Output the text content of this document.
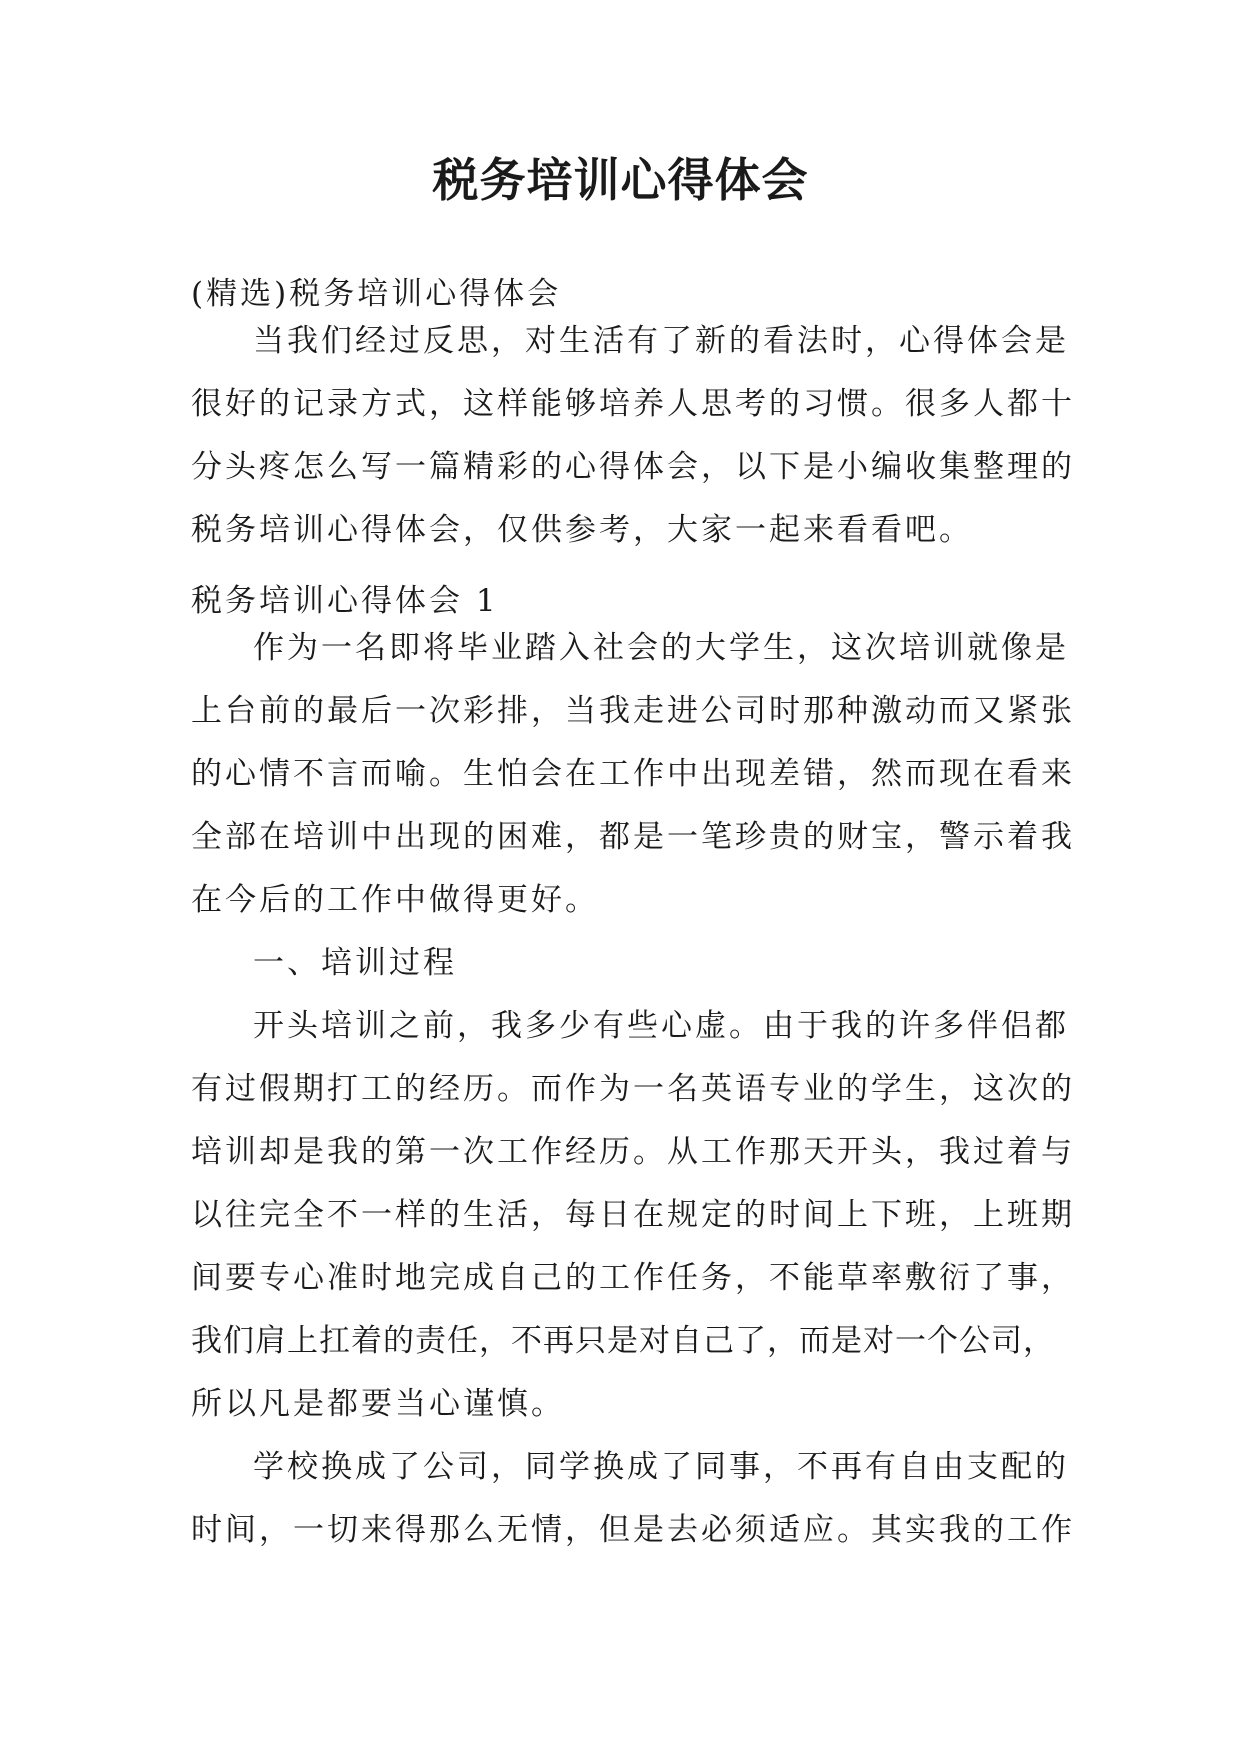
税务培训心得体会

(精选)税务培训心得体会

当我们经过反思，对生活有了新的看法时，心得体会是

很好的记录方式，这样能够培养人思考的习惯。很多人都十

分头疼怎么写一篇精彩的心得体会，以下是小编收集整理的

税务培训心得体会，仅供参考，大家一起来看看吧。

税务培训心得体会 1

作为一名即将毕业踏入社会的大学生，这次培训就像是

上台前的最后一次彩排，当我走进公司时那种激动而又紧张

的心情不言而喻。生怕会在工作中出现差错，然而现在看来

全部在培训中出现的困难，都是一笔珍贵的财宝，警示着我

在今后的工作中做得更好。

一、培训过程

开头培训之前，我多少有些心虚。由于我的许多伴侣都

有过假期打工的经历。而作为一名英语专业的学生，这次的

培训却是我的第一次工作经历。从工作那天开头，我过着与

以往完全不一样的生活，每日在规定的时间上下班，上班期

间要专心准时地完成自己的工作任务，不能草率敷衍了事，

我们肩上扛着的责任，不再只是对自己了，而是对一个公司，

所以凡是都要当心谨慎。

学校换成了公司，同学换成了同事，不再有自由支配的

时间，一切来得那么无情，但是去必须适应。其实我的工作
